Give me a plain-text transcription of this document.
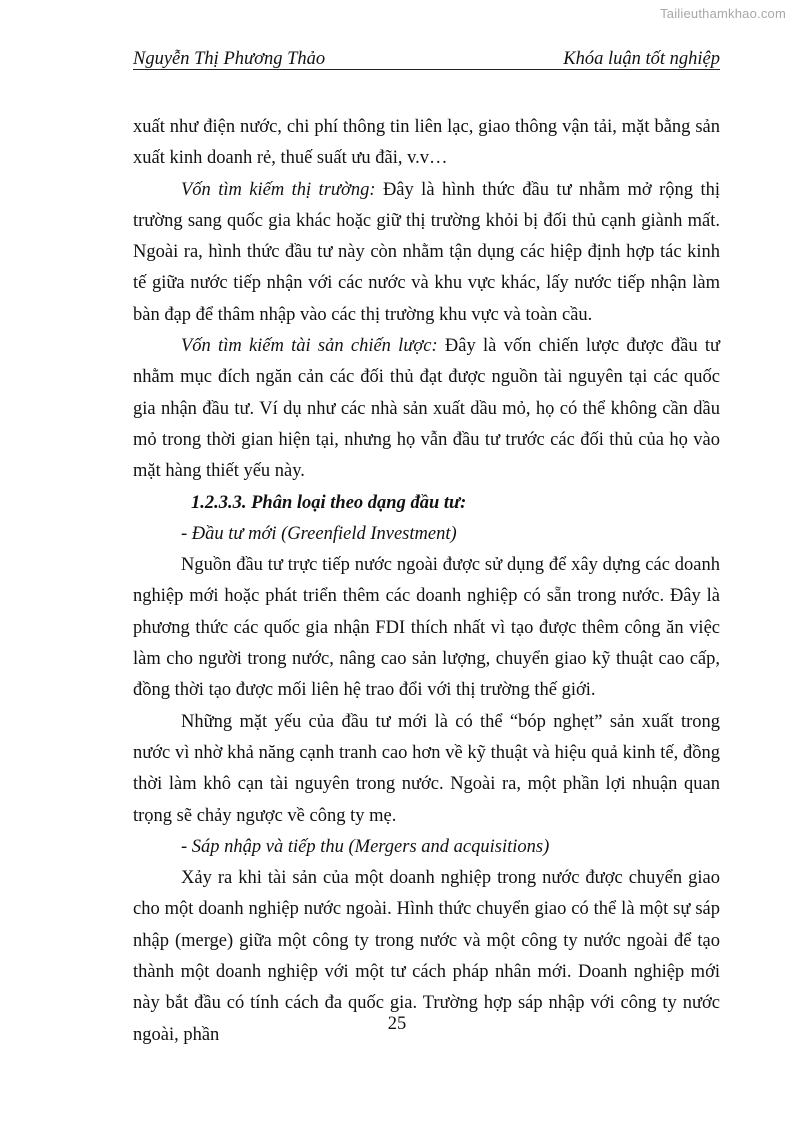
Tailieuthamkhao.com
Nguyễn Thị Phương Thảo	Khóa luận tốt nghiệp

xuất như điện nước, chi phí thông tin liên lạc, giao thông vận tải, mặt bằng sản xuất kinh doanh rẻ, thuế suất ưu đãi, v.v…

Vốn tìm kiếm thị trường: Đây là hình thức đầu tư nhằm mở rộng thị trường sang quốc gia khác hoặc giữ thị trường khỏi bị đối thủ cạnh giành mất. Ngoài ra, hình thức đầu tư này còn nhằm tận dụng các hiệp định hợp tác kinh tế giữa nước tiếp nhận với các nước và khu vực khác, lấy nước tiếp nhận làm bàn đạp để thâm nhập vào các thị trường khu vực và toàn cầu.

Vốn tìm kiếm tài sản chiến lược: Đây là vốn chiến lược được đầu tư nhằm mục đích ngăn cản các đối thủ đạt được nguồn tài nguyên tại các quốc gia nhận đầu tư. Ví dụ như các nhà sản xuất dầu mỏ, họ có thể không cần dầu mỏ trong thời gian hiện tại, nhưng họ vẫn đầu tư trước các đối thủ của họ vào mặt hàng thiết yếu này.

1.2.3.3. Phân loại theo dạng đầu tư:

- Đầu tư mới (Greenfield Investment)

Nguồn đầu tư trực tiếp nước ngoài được sử dụng để xây dựng các doanh nghiệp mới hoặc phát triển thêm các doanh nghiệp có sẵn trong nước. Đây là phương thức các quốc gia nhận FDI thích nhất vì tạo được thêm công ăn việc làm cho người trong nước, nâng cao sản lượng, chuyển giao kỹ thuật cao cấp, đồng thời tạo được mối liên hệ trao đổi với thị trường thế giới.

Những mặt yếu của đầu tư mới là có thể “bóp nghẹt” sản xuất trong nước vì nhờ khả năng cạnh tranh cao hơn về kỹ thuật và hiệu quả kinh tế, đồng thời làm khô cạn tài nguyên trong nước. Ngoài ra, một phần lợi nhuận quan trọng sẽ chảy ngược về công ty mẹ.

- Sáp nhập và tiếp thu (Mergers and acquisitions)

Xảy ra khi tài sản của một doanh nghiệp trong nước được chuyển giao cho một doanh nghiệp nước ngoài. Hình thức chuyển giao có thể là một sự sáp nhập (merge) giữa một công ty trong nước và một công ty nước ngoài để tạo thành một doanh nghiệp với một tư cách pháp nhân mới. Doanh nghiệp mới này bắt đầu có tính cách đa quốc gia. Trường hợp sáp nhập với công ty nước ngoài, phần

25
